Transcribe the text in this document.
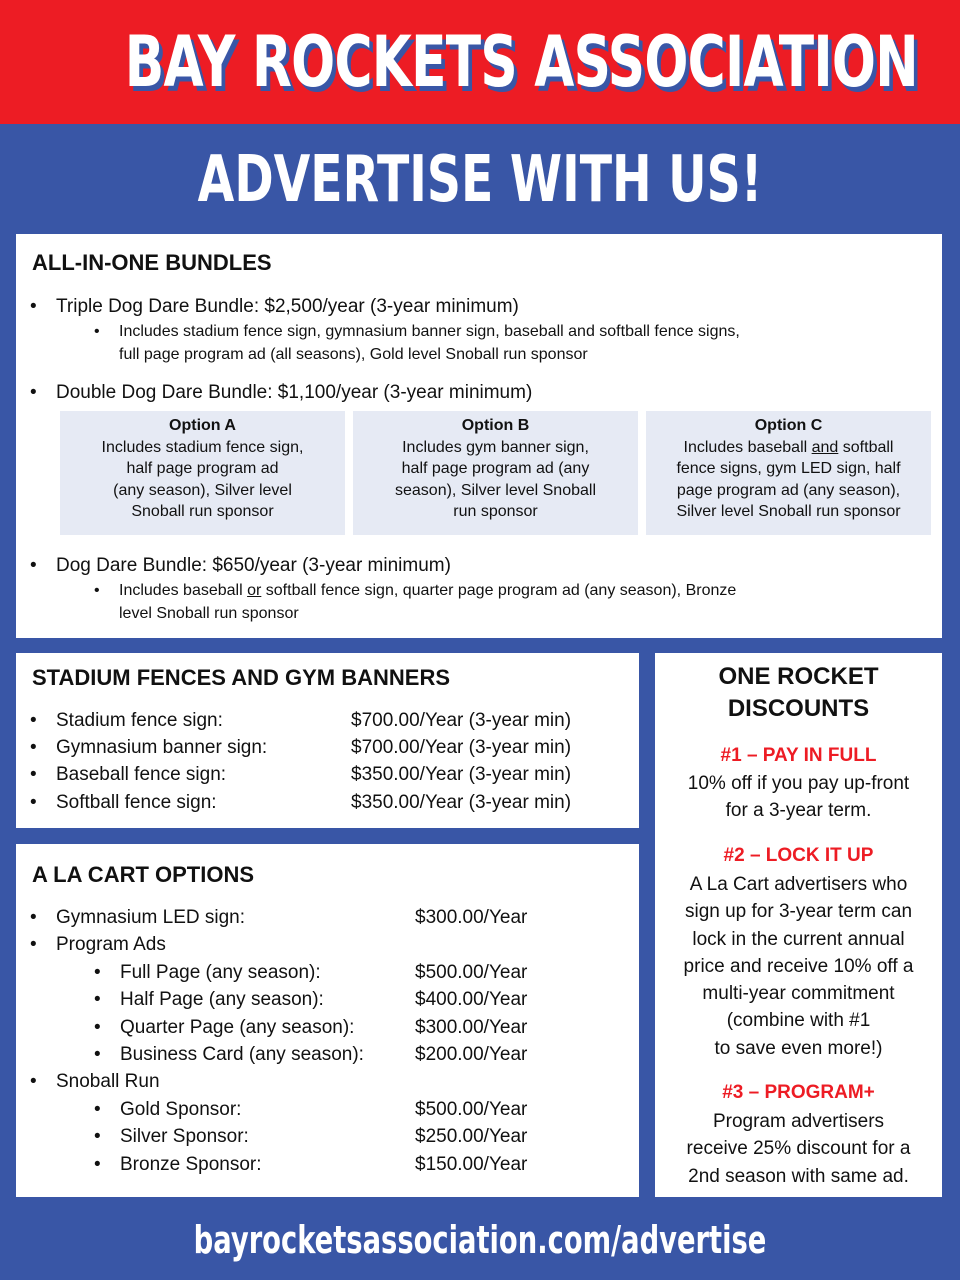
BAY ROCKETS ASSOCIATION
ADVERTISE WITH US!
ALL-IN-ONE BUNDLES
• Triple Dog Dare Bundle: $2,500/year (3-year minimum)
•	Includes stadium fence sign, gymnasium banner sign, baseball and softball fence signs,
full page program ad (all seasons), Gold level Snoball run sponsor
• Double Dog Dare Bundle: $1,100/year (3-year minimum)
Option A
Includes stadium fence sign,
half page program ad
(any season), Silver level
Snoball run sponsor
Option B
Includes gym banner sign,
half page program ad (any
season), Silver level Snoball
run sponsor
Option C
Includes baseball and softball
fence signs, gym LED sign, half
page program ad (any season),
Silver level Snoball run sponsor
• Dog Dare Bundle: $650/year (3-year minimum)
•	Includes baseball or softball fence sign, quarter page program ad (any season), Bronze
level Snoball run sponsor
STADIUM FENCES AND GYM BANNERS
• Stadium fence sign:	$700.00/Year (3-year min)
• Gymnasium banner sign:	$700.00/Year (3-year min)
• Baseball fence sign:	$350.00/Year (3-year min)
• Softball fence sign:	$350.00/Year (3-year min)
A LA CART OPTIONS
• Gymnasium LED sign:	$300.00/Year
• Program Ads
• Full Page (any season):	$500.00/Year
• Half Page (any season):	$400.00/Year
• Quarter Page (any season):	$300.00/Year
• Business Card (any season):	$200.00/Year
• Snoball Run
• Gold Sponsor:	$500.00/Year
• Silver Sponsor:	$250.00/Year
• Bronze Sponsor:	$150.00/Year
ONE ROCKET
DISCOUNTS
#1 – PAY IN FULL
10% off if you pay up-front
for a 3-year term.
#2 – LOCK IT UP
A La Cart advertisers who
sign up for 3-year term can
lock in the current annual
price and receive 10% off a
multi-year commitment
(combine with #1
to save even more!)
#3 – PROGRAM+
Program advertisers
receive 25% discount for a
2nd season with same ad.
bayrocketsassociation.com/advertise
